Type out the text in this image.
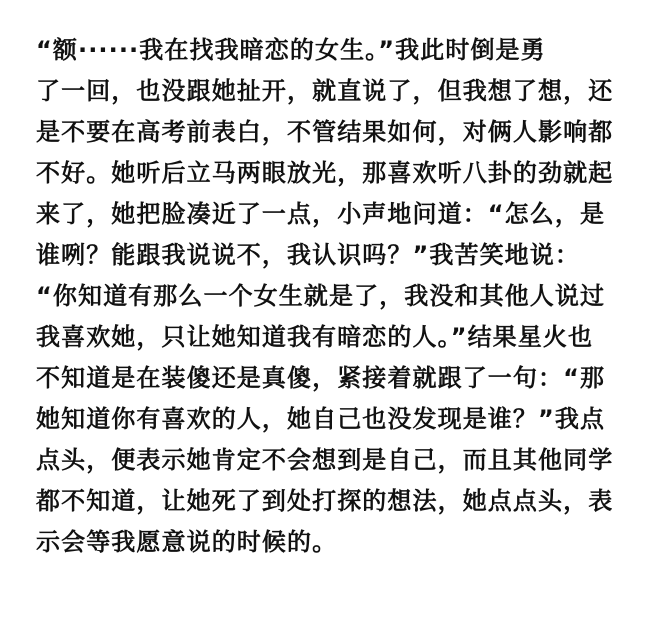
“额······我在找我暗恋的女生。”我此时倒是勇
了一回，也没跟她扯开，就直说了，但我想了想，还
是不要在高考前表白，不管结果如何，对俩人影响都
不好。她听后立马两眼放光，那喜欢听八卦的劲就起
来了，她把脸凑近了一点，小声地问道：“怎么，是
谁咧？能跟我说说不，我认识吗？”我苦笑地说：
“你知道有那么一个女生就是了，我没和其他人说过
我喜欢她，只让她知道我有暗恋的人。”结果星火也
不知道是在装傻还是真傻，紧接着就跟了一句：“那
她知道你有喜欢的人，她自己也没发现是谁？”我点
点头，便表示她肯定不会想到是自己，而且其他同学
都不知道，让她死了到处打探的想法，她点点头，表
示会等我愿意说的时候的。
